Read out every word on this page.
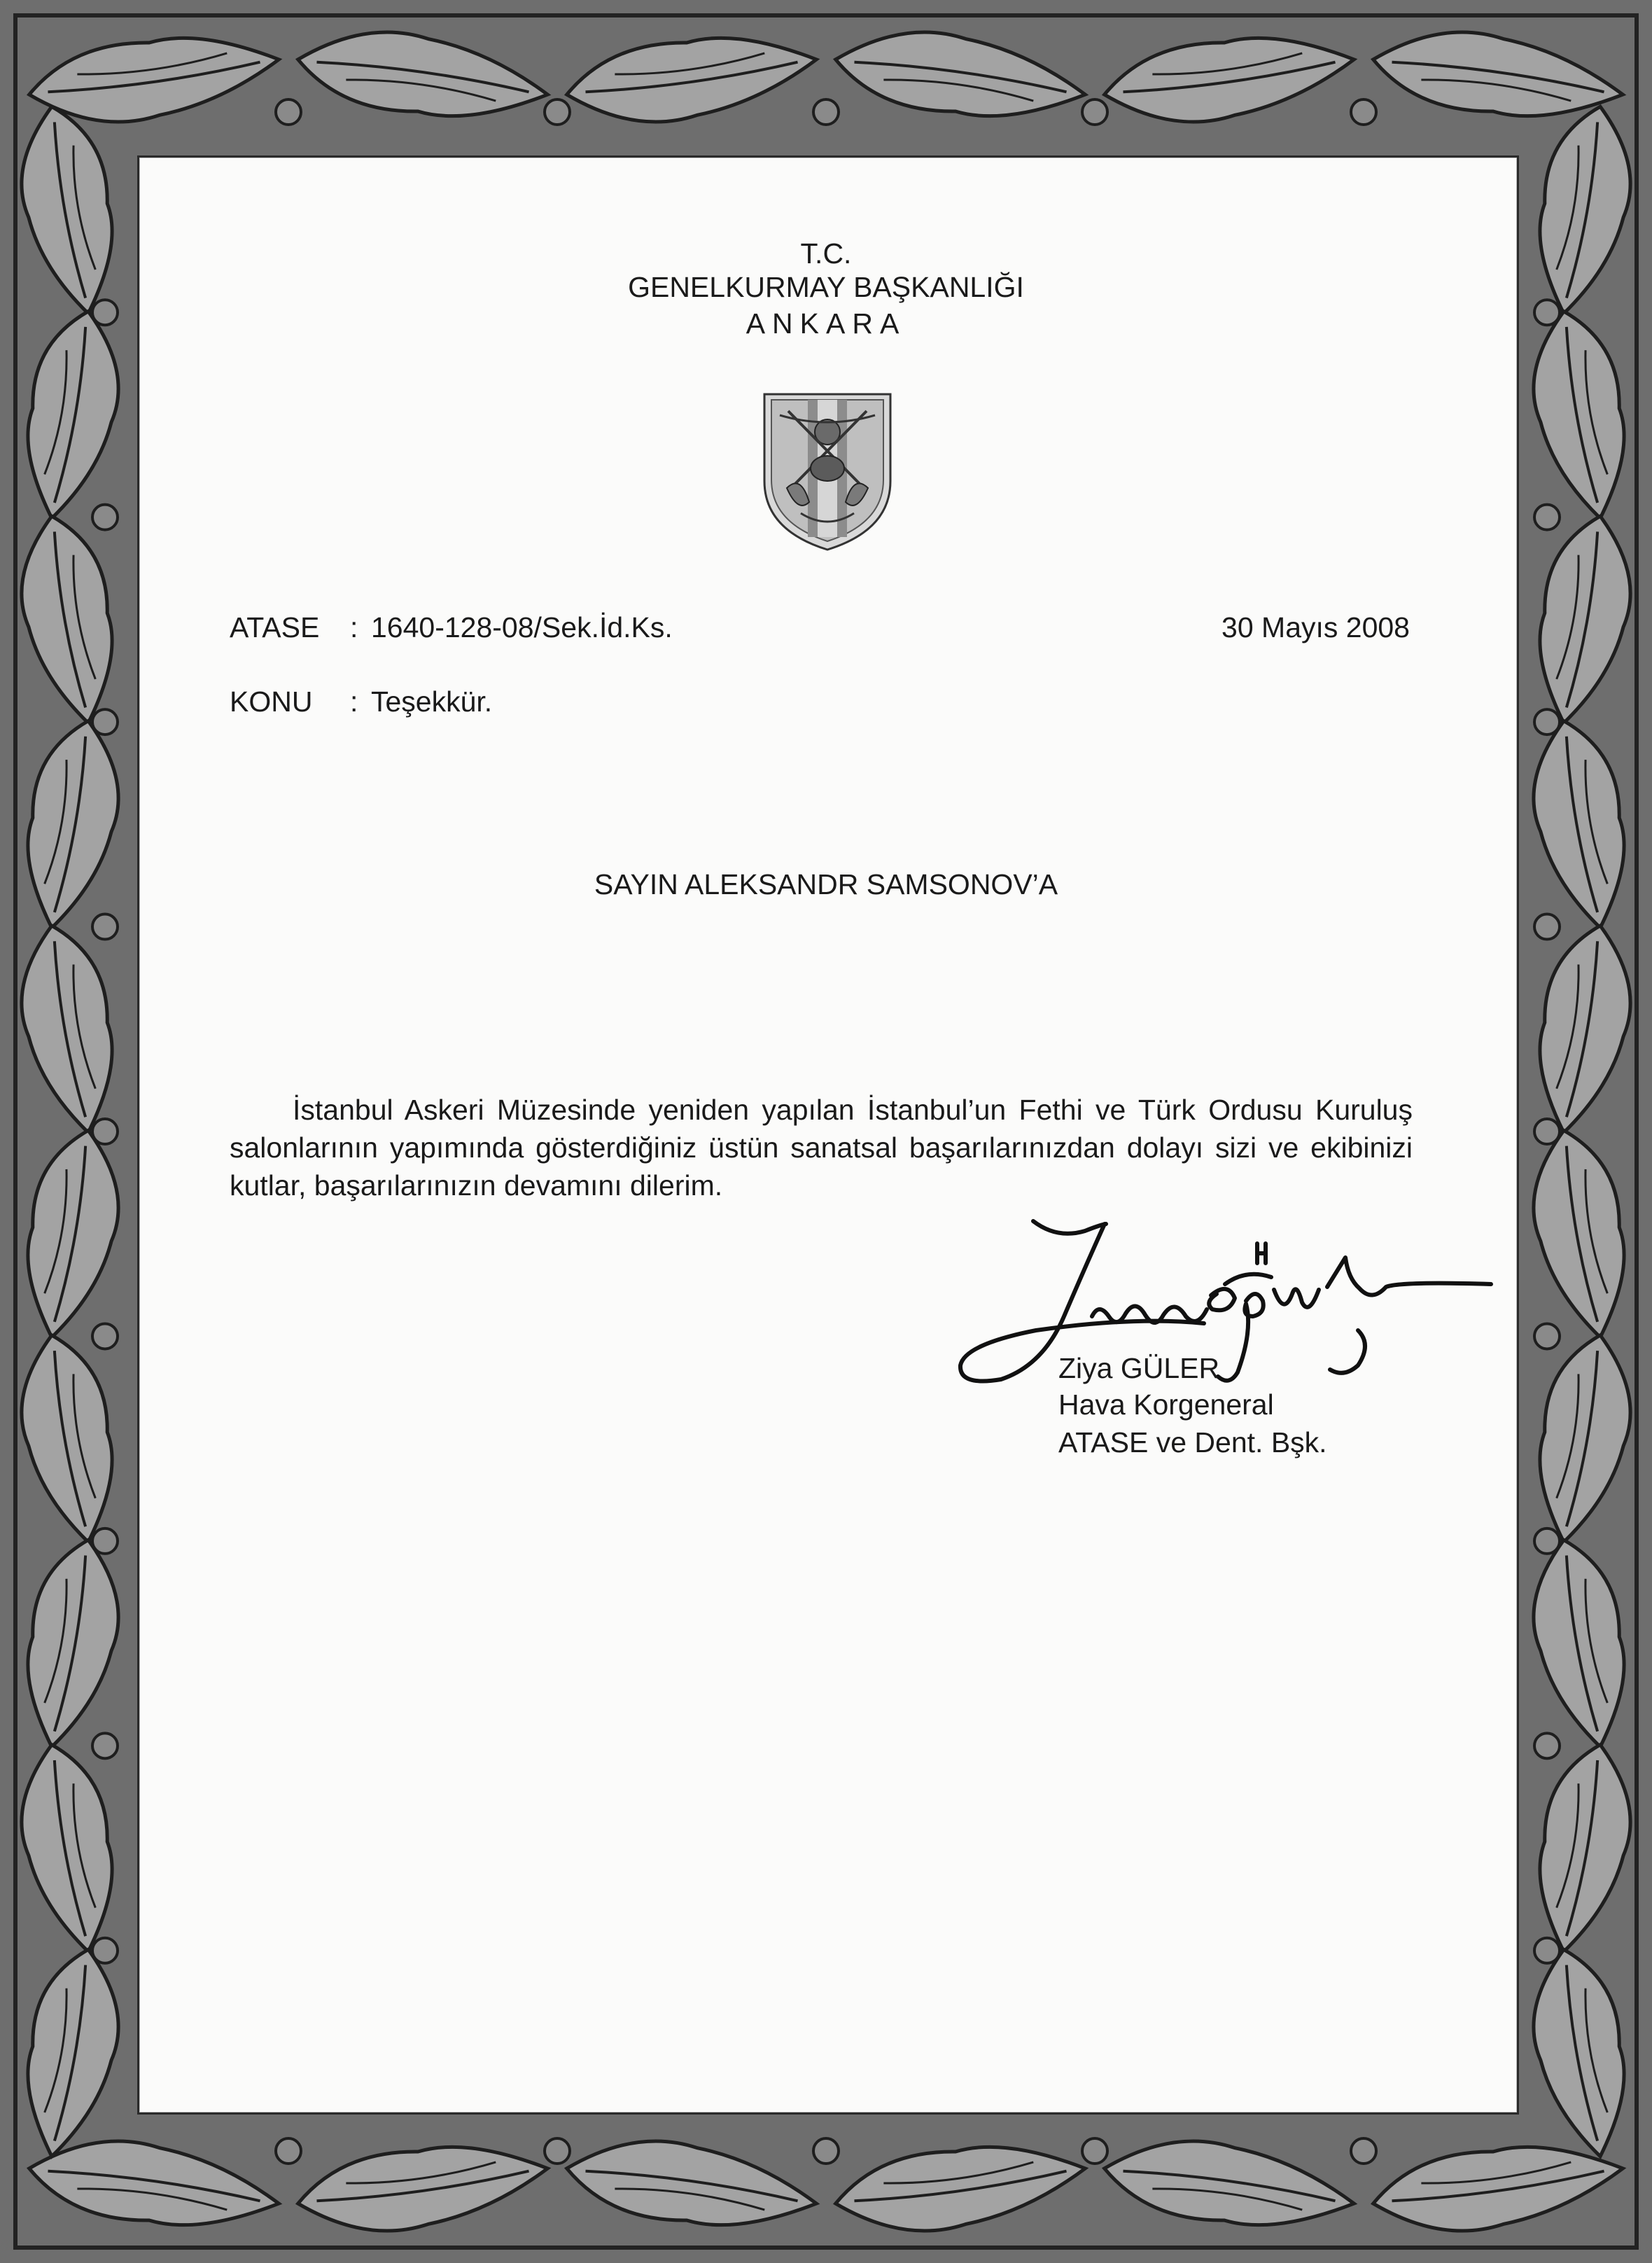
T.C.
GENELKURMAY BAŞKANLIĞI
ANKARA
ATASE : 1640-128-08/Sek.İd.Ks.	30 Mayıs 2008
KONU : Teşekkür.
SAYIN ALEKSANDR SAMSONOV’A
İstanbul Askeri Müzesinde yeniden yapılan İstanbul’un Fethi ve Türk Ordusu Kuruluş salonlarının yapımında gösterdiğiniz üstün sanatsal başarılarınızdan dolayı sizi ve ekibinizi kutlar, başarılarınızın devamını dilerim.
Ziya GÜLER
Hava Korgeneral
ATASE ve Dent. Bşk.
